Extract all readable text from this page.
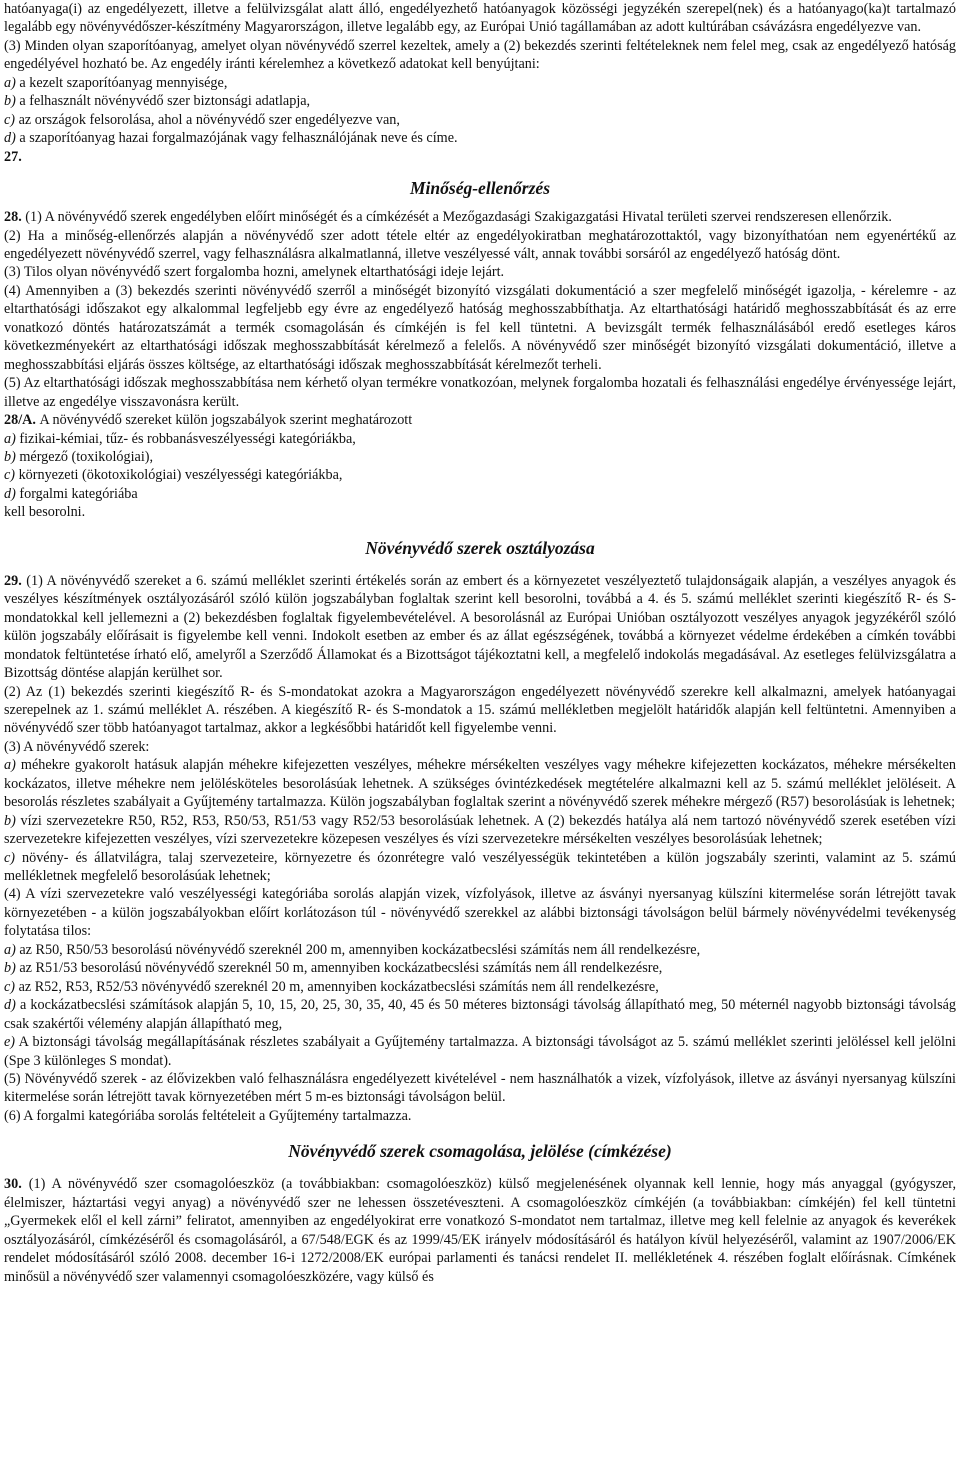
hatóanyaga(i) az engedélyezett, illetve a felülvizsgálat alatt álló, engedélyezhető hatóanyagok közösségi jegyzékén szerepel(nek) és a hatóanyago(ka)t tartalmazó legalább egy növényvédőszer-készítmény Magyarországon, illetve legalább egy, az Európai Unió tagállamában az adott kultúrában csávázásra engedélyezve van.

(3) Minden olyan szaporítóanyag, amelyet olyan növényvédő szerrel kezeltek, amely a (2) bekezdés szerinti feltételeknek nem felel meg, csak az engedélyező hatóság engedélyével hozható be. Az engedély iránti kérelemhez a következő adatokat kell benyújtani:

a) a kezelt szaporítóanyag mennyisége,

b) a felhasznált növényvédő szer biztonsági adatlapja,

c) az országok felsorolása, ahol a növényvédő szer engedélyezve van,

d) a szaporítóanyag hazai forgalmazójának vagy felhasználójának neve és címe.

27.

Minőség-ellenőrzés

28. (1) A növényvédő szerek engedélyben előírt minőségét és a címkézését a Mezőgazdasági Szakigazgatási Hivatal területi szervei rendszeresen ellenőrzik.

(2) Ha a minőség-ellenőrzés alapján a növényvédő szer adott tétele eltér az engedélyokiratban meghatározottaktól, vagy bizonyíthatóan nem egyenértékű az engedélyezett növényvédő szerrel, vagy felhasználásra alkalmatlanná, illetve veszélyessé vált, annak további sorsáról az engedélyező hatóság dönt.

(3) Tilos olyan növényvédő szert forgalomba hozni, amelynek eltarthatósági ideje lejárt.

(4) Amennyiben a (3) bekezdés szerinti növényvédő szerről a minőségét bizonyító vizsgálati dokumentáció a szer megfelelő minőségét igazolja, - kérelemre - az eltarthatósági időszakot egy alkalommal legfeljebb egy évre az engedélyező hatóság meghosszabbíthatja. Az eltarthatósági határidő meghosszabbítását és az erre vonatkozó döntés határozatszámát a termék csomagolásán és címkéjén is fel kell tüntetni. A bevizsgált termék felhasználásából eredő esetleges káros következményekért az eltarthatósági időszak meghosszabbítását kérelmező a felelős. A növényvédő szer minőségét bizonyító vizsgálati dokumentáció, illetve a meghosszabbítási eljárás összes költsége, az eltarthatósági időszak meghosszabbítását kérelmezőt terheli.

(5) Az eltarthatósági időszak meghosszabbítása nem kérhető olyan termékre vonatkozóan, melynek forgalomba hozatali és felhasználási engedélye érvényessége lejárt, illetve az engedélye visszavonásra került.

28/A. A növényvédő szereket külön jogszabályok szerint meghatározott

a) fizikai-kémiai, tűz- és robbanásveszélyességi kategóriákba,

b) mérgező (toxikológiai),

c) környezeti (ökotoxikológiai) veszélyességi kategóriákba,

d) forgalmi kategóriába

kell besorolni.

Növényvédő szerek osztályozása

29. (1) A növényvédő szereket a 6. számú melléklet szerinti értékelés során az embert és a környezetet veszélyeztető tulajdonságaik alapján, a veszélyes anyagok és veszélyes készítmények osztályozásáról szóló külön jogszabályban foglaltak szerint kell besorolni, továbbá a 4. és 5. számú melléklet szerinti kiegészítő R- és S-mondatokkal kell jellemezni a (2) bekezdésben foglaltak figyelembevételével. A besorolásnál az Európai Unióban osztályozott veszélyes anyagok jegyzékéről szóló külön jogszabály előírásait is figyelembe kell venni. Indokolt esetben az ember és az állat egészségének, továbbá a környezet védelme érdekében a címkén további mondatok feltüntetése írható elő, amelyről a Szerződő Államokat és a Bizottságot tájékoztatni kell, a megfelelő indokolás megadásával. Az esetleges felülvizsgálatra a Bizottság döntése alapján kerülhet sor.

(2) Az (1) bekezdés szerinti kiegészítő R- és S-mondatokat azokra a Magyarországon engedélyezett növényvédő szerekre kell alkalmazni, amelyek hatóanyagai szerepelnek az 1. számú melléklet A. részében. A kiegészítő R- és S-mondatok a 15. számú mellékletben megjelölt határidők alapján kell feltüntetni. Amennyiben a növényvédő szer több hatóanyagot tartalmaz, akkor a legkésőbbi határidőt kell figyelembe venni.

(3) A növényvédő szerek:

a) méhekre gyakorolt hatásuk alapján méhekre kifejezetten veszélyes, méhekre mérsékelten veszélyes vagy méhekre kifejezetten kockázatos, méhekre mérsékelten kockázatos, illetve méhekre nem jelölésköteles besorolásúak lehetnek. A szükséges óvintézkedések megtételére alkalmazni kell az 5. számú melléklet jelöléseit. A besorolás részletes szabályait a Gyűjtemény tartalmazza. Külön jogszabályban foglaltak szerint a növényvédő szerek méhekre mérgező (R57) besorolásúak is lehetnek;

b) vízi szervezetekre R50, R52, R53, R50/53, R51/53 vagy R52/53 besorolásúak lehetnek. A (2) bekezdés hatálya alá nem tartozó növényvédő szerek esetében vízi szervezetekre kifejezetten veszélyes, vízi szervezetekre közepesen veszélyes és vízi szervezetekre mérsékelten veszélyes besorolásúak lehetnek;

c) növény- és állatvilágra, talaj szervezeteire, környezetre és ózonrétegre való veszélyességük tekintetében a külön jogszabály szerinti, valamint az 5. számú mellékletnek megfelelő besorolásúak lehetnek;

(4) A vízi szervezetekre való veszélyességi kategóriába sorolás alapján vizek, vízfolyások, illetve az ásványi nyersanyag külszíni kitermelése során létrejött tavak környezetében - a külön jogszabályokban előírt korlátozáson túl - növényvédő szerekkel az alábbi biztonsági távolságon belül bármely növényvédelmi tevékenység folytatása tilos:

a) az R50, R50/53 besorolású növényvédő szereknél 200 m, amennyiben kockázatbecslési számítás nem áll rendelkezésre,

b) az R51/53 besorolású növényvédő szereknél 50 m, amennyiben kockázatbecslési számítás nem áll rendelkezésre,

c) az R52, R53, R52/53 növényvédő szereknél 20 m, amennyiben kockázatbecslési számítás nem áll rendelkezésre,

d) a kockázatbecslési számítások alapján 5, 10, 15, 20, 25, 30, 35, 40, 45 és 50 méteres biztonsági távolság állapítható meg, 50 méternél nagyobb biztonsági távolság csak szakértői vélemény alapján állapítható meg,

e) A biztonsági távolság megállapításának részletes szabályait a Gyűjtemény tartalmazza. A biztonsági távolságot az 5. számú melléklet szerinti jelöléssel kell jelölni (Spe 3 különleges S mondat).

(5) Növényvédő szerek - az élővizekben való felhasználásra engedélyezett kivételével - nem használhatók a vizek, vízfolyások, illetve az ásványi nyersanyag külszíni kitermelése során létrejött tavak környezetében mért 5 m-es biztonsági távolságon belül.

(6) A forgalmi kategóriába sorolás feltételeit a Gyűjtemény tartalmazza.

Növényvédő szerek csomagolása, jelölése (címkézése)

30. (1) A növényvédő szer csomagolóeszköz (a továbbiakban: csomagolóeszköz) külső megjelenésének olyannak kell lennie, hogy más anyaggal (gyógyszer, élelmiszer, háztartási vegyi anyag) a növényvédő szer ne lehessen összetéveszteni. A csomagolóeszköz címkéjén (a továbbiakban: címkéjén) fel kell tüntetni „Gyermekek elől el kell zárni” feliratot, amennyiben az engedélyokirat erre vonatkozó S-mondatot nem tartalmaz, illetve meg kell felelnie az anyagok és keverékek osztályozásáról, címkézéséről és csomagolásáról, a 67/548/EGK és az 1999/45/EK irányelv módosításáról és hatályon kívül helyezéséről, valamint az 1907/2006/EK rendelet módosításáról szóló 2008. december 16-i 1272/2008/EK európai parlamenti és tanácsi rendelet II. mellékletének 4. részében foglalt előírásnak. Címkének minősül a növényvédő szer valamennyi csomagolóeszközére, vagy külső és
